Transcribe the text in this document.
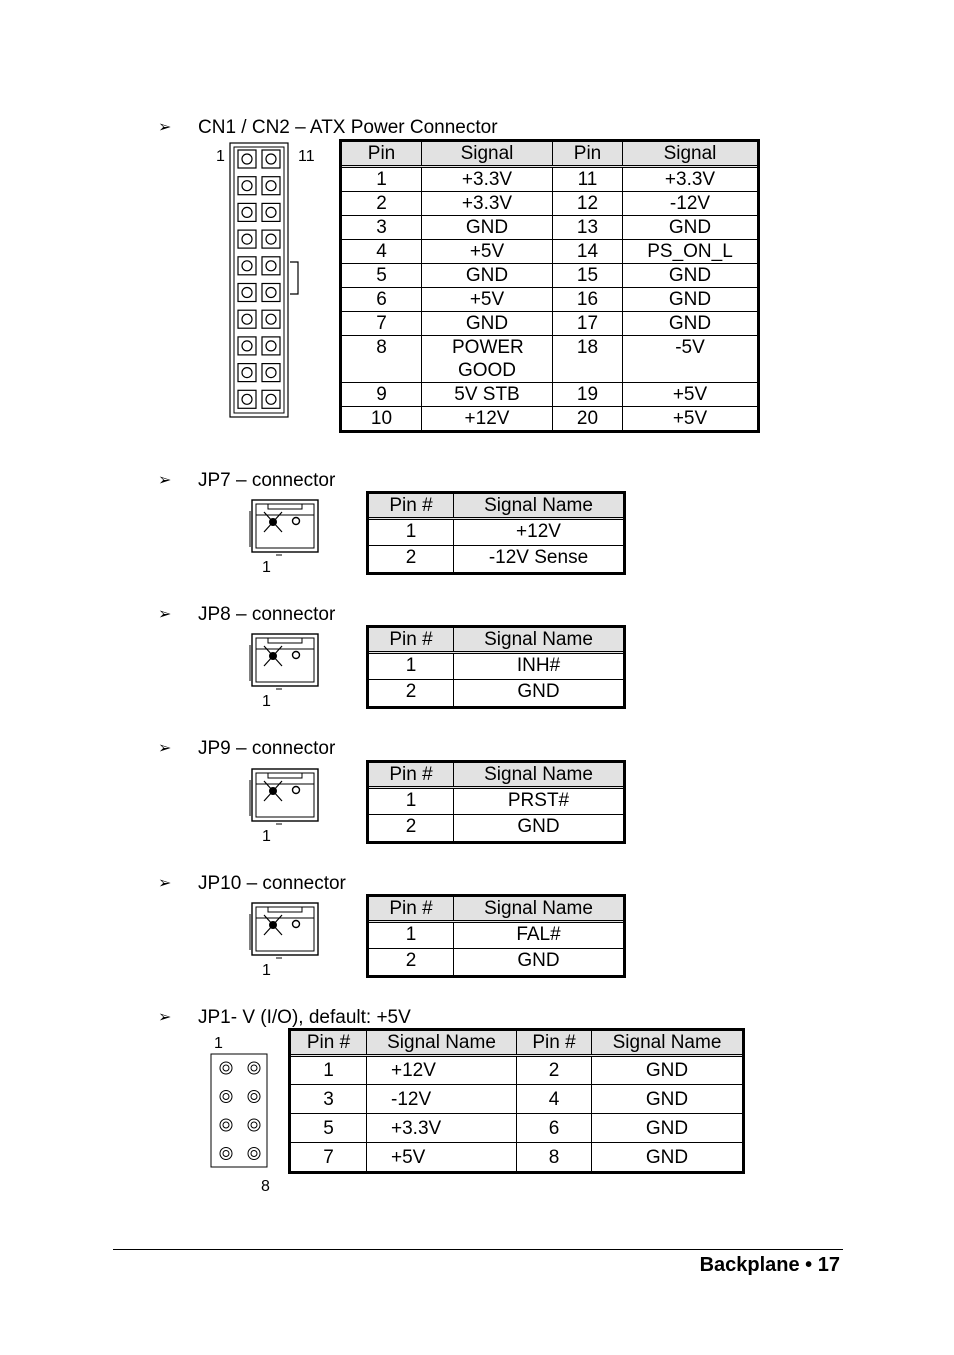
➢ CN1 / CN2 – ATX Power Connector
1	11	Pin	Signal	Pin	Signal
1	+3.3V	11	+3.3V
2	+3.3V	12	-12V
3	GND	13	GND
4	+5V	14	PS_ON_L
5	GND	15	GND
6	+5V	16	GND
7	GND	17	GND
8	POWER GOOD	18	-5V
9	5V STB	19	+5V
10	+12V	20	+5V
➢ JP7 – connector
1
Pin #	Signal Name
1	+12V
2	-12V Sense
➢ JP8 – connector
1
Pin #	Signal Name
1	INH#
2	GND
➢ JP9 – connector
1
Pin #	Signal Name
1	PRST#
2	GND
➢ JP10 – connector
1
Pin #	Signal Name
1	FAL#
2	GND
➢ JP1- V (I/O), default: +5V
1
8
Pin #	Signal Name	Pin #	Signal Name
1	+12V	2	GND
3	-12V	4	GND
5	+3.3V	6	GND
7	+5V	8	GND
Backplane • 17
